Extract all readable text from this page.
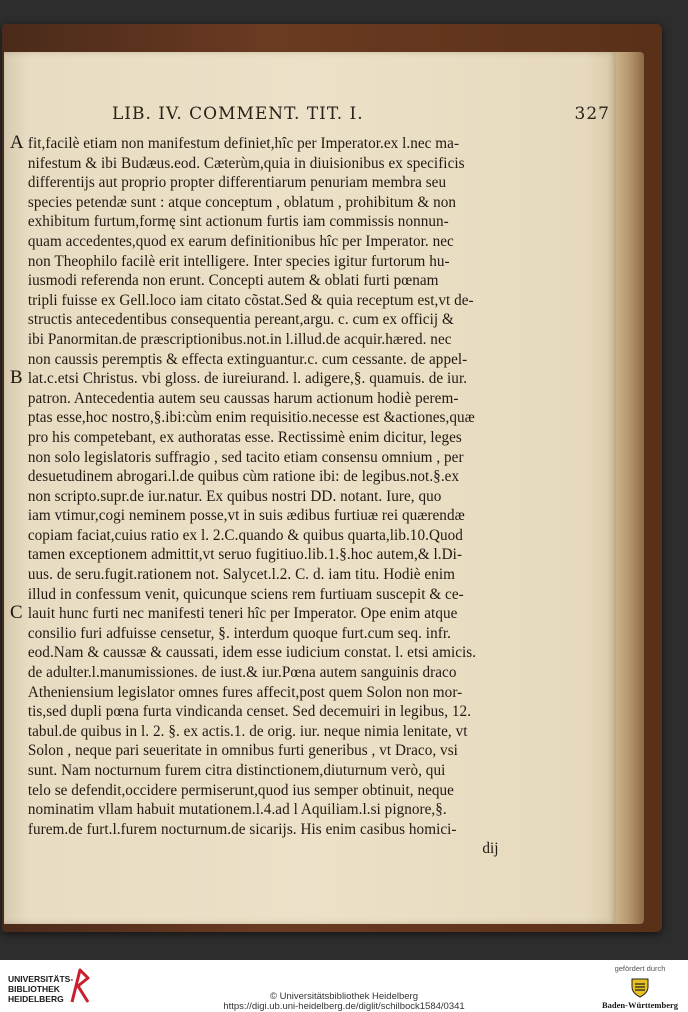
LIB. IV. COMMENT. TIT. I.	327
A fit,facilè etiam non manifestum definiet,hîc per Imperator.ex l.nec ma-
nifestum & ibi Budæus.eod. Cæterùm,quia in diuisionibus ex specificis
differentijs aut proprio propter differentiarum penuriam membra seu
species petendæ sunt : atque conceptum , oblatum , prohibitum & non
exhibitum furtum,formę sint actionum furtis iam commissis nonnun-
quam accedentes,quod ex earum definitionibus hîc per Imperator. nec
non Theophilo facilè erit intelligere. Inter species igitur furtorum hu-
iusmodi referenda non erunt. Concepti autem & oblati furti pœnam
tripli fuisse ex Gell.loco iam citato cõstat.Sed & quia receptum est,vt de-
structis antecedentibus consequentia pereant,argu. c. cum ex officij &
ibi Panormitan.de præscriptionibus.not.in l.illud.de acquir.hæred. nec
non caussis peremptis & effecta extinguantur.c. cum cessante. de appel-
B lat.c.etsi Christus. vbi gloss. de iureiurand. l. adigere,§. quamuis. de iur.
patron. Antecedentia autem seu caussas harum actionum hodiè perem-
ptas esse,hoc nostro,§.ibi:cùm enim requisitio.necesse est &actiones,quæ
pro his competebant, ex authoratas esse. Rectissimè enim dicitur, leges
non solo legislatoris suffragio , sed tacito etiam consensu omnium , per
desuetudinem abrogari.l.de quibus cùm ratione ibi: de legibus.not.§.ex
non scripto.supr.de iur.natur. Ex quibus nostri DD. notant. Iure, quo
iam vtimur,cogi neminem posse,vt in suis ædibus furtiuæ rei quærendæ
copiam faciat,cuius ratio ex l. 2.C.quando & quibus quarta,lib.10.Quod
tamen exceptionem admittit,vt seruo fugitiuo.lib.1.§.hoc autem,& l.Di-
uus. de seru.fugit.rationem not. Salycet.l.2. C. d. iam titu. Hodiè enim
illud in confessum venit, quicunque sciens rem furtiuam suscepit & ce-
C lauit hunc furti nec manifesti teneri hîc per Imperator. Ope enim atque
consilio furi adfuisse censetur, §. interdum quoque furt.cum seq. infr.
eod.Nam & caussæ & caussati, idem esse iudicium constat. l. etsi amicis.
de adulter.l.manumissiones. de iust.& iur.Pœna autem sanguinis draco
Atheniensium legislator omnes fures affecit,post quem Solon non mor-
tis,sed dupli pœna furta vindicanda censet. Sed decemuiri in legibus, 12.
tabul.de quibus in l. 2. §. ex actis.1. de orig. iur. neque nimia lenitate, vt
Solon , neque pari seueritate in omnibus furti generibus , vt Draco, vsi
sunt. Nam nocturnum furem citra distinctionem,diuturnum verò, qui
telo se defendit,occidere permiserunt,quod ius semper obtinuit, neque
nominatim vllam habuit mutationem.l.4.ad l Aquiliam.l.si pignore,§.
furem.de furt.l.furem nocturnum.de sicarijs. His enim casibus homici-
dij
UNIVERSITÄTS-
BIBLIOTHEK
HEIDELBERG	© Universitätsbibliothek Heidelberg
https://digi.ub.uni-heidelberg.de/diglit/schilbock1584/0341
gefördert durch
Baden-Württemberg
